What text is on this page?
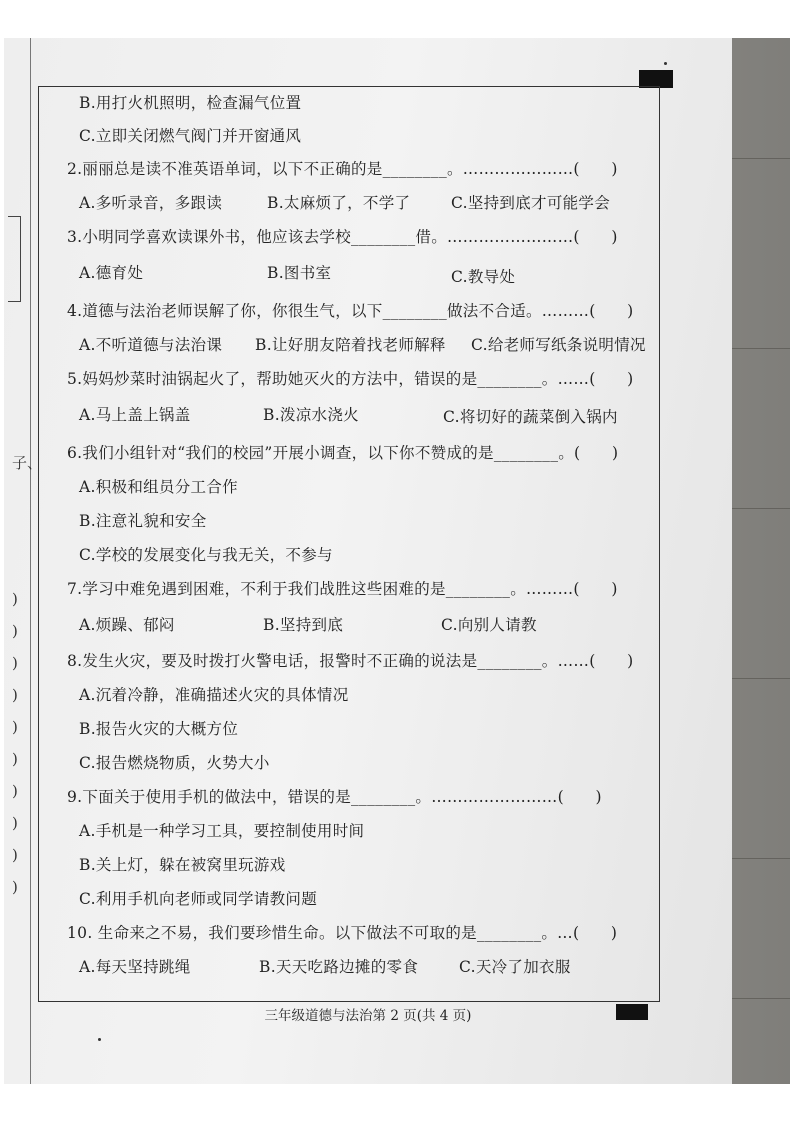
子、
)
)
)
)
)
)
)
)
)
)
B.用打火机照明，检查漏气位置
C.立即关闭燃气阀门并开窗通风
2.丽丽总是读不准英语单词，以下不正确的是________。…………………(　　)
A.多听录音，多跟读	B.太麻烦了，不学了	C.坚持到底才可能学会
3.小明同学喜欢读课外书，他应该去学校________借。……………………(　　)
A.德育处	B.图书室	C.教导处
4.道德与法治老师误解了你，你很生气，以下________做法不合适。………(　　)
A.不听道德与法治课 B.让好朋友陪着找老师解释 C.给老师写纸条说明情况
5.妈妈炒菜时油锅起火了，帮助她灭火的方法中，错误的是________。……(　　)
A.马上盖上锅盖	B.泼凉水浇火	C.将切好的蔬菜倒入锅内
6.我们小组针对“我们的校园”开展小调查，以下你不赞成的是________。(　　)
A.积极和组员分工合作
B.注意礼貌和安全
C.学校的发展变化与我无关，不参与
7.学习中难免遇到困难，不利于我们战胜这些困难的是________。………(　　)
A.烦躁、郁闷	B.坚持到底	C.向别人请教
8.发生火灾，要及时拨打火警电话，报警时不正确的说法是________。……(　　)
A.沉着冷静，准确描述火灾的具体情况
B.报告火灾的大概方位
C.报告燃烧物质，火势大小
9.下面关于使用手机的做法中，错误的是________。……………………(　　)
A.手机是一种学习工具，要控制使用时间
B.关上灯，躲在被窝里玩游戏
C.利用手机向老师或同学请教问题
10. 生命来之不易，我们要珍惜生命。以下做法不可取的是________。…(　　)
A.每天坚持跳绳	B.天天吃路边摊的零食	C.天冷了加衣服
三年级道德与法治第 2 页(共 4 页)
